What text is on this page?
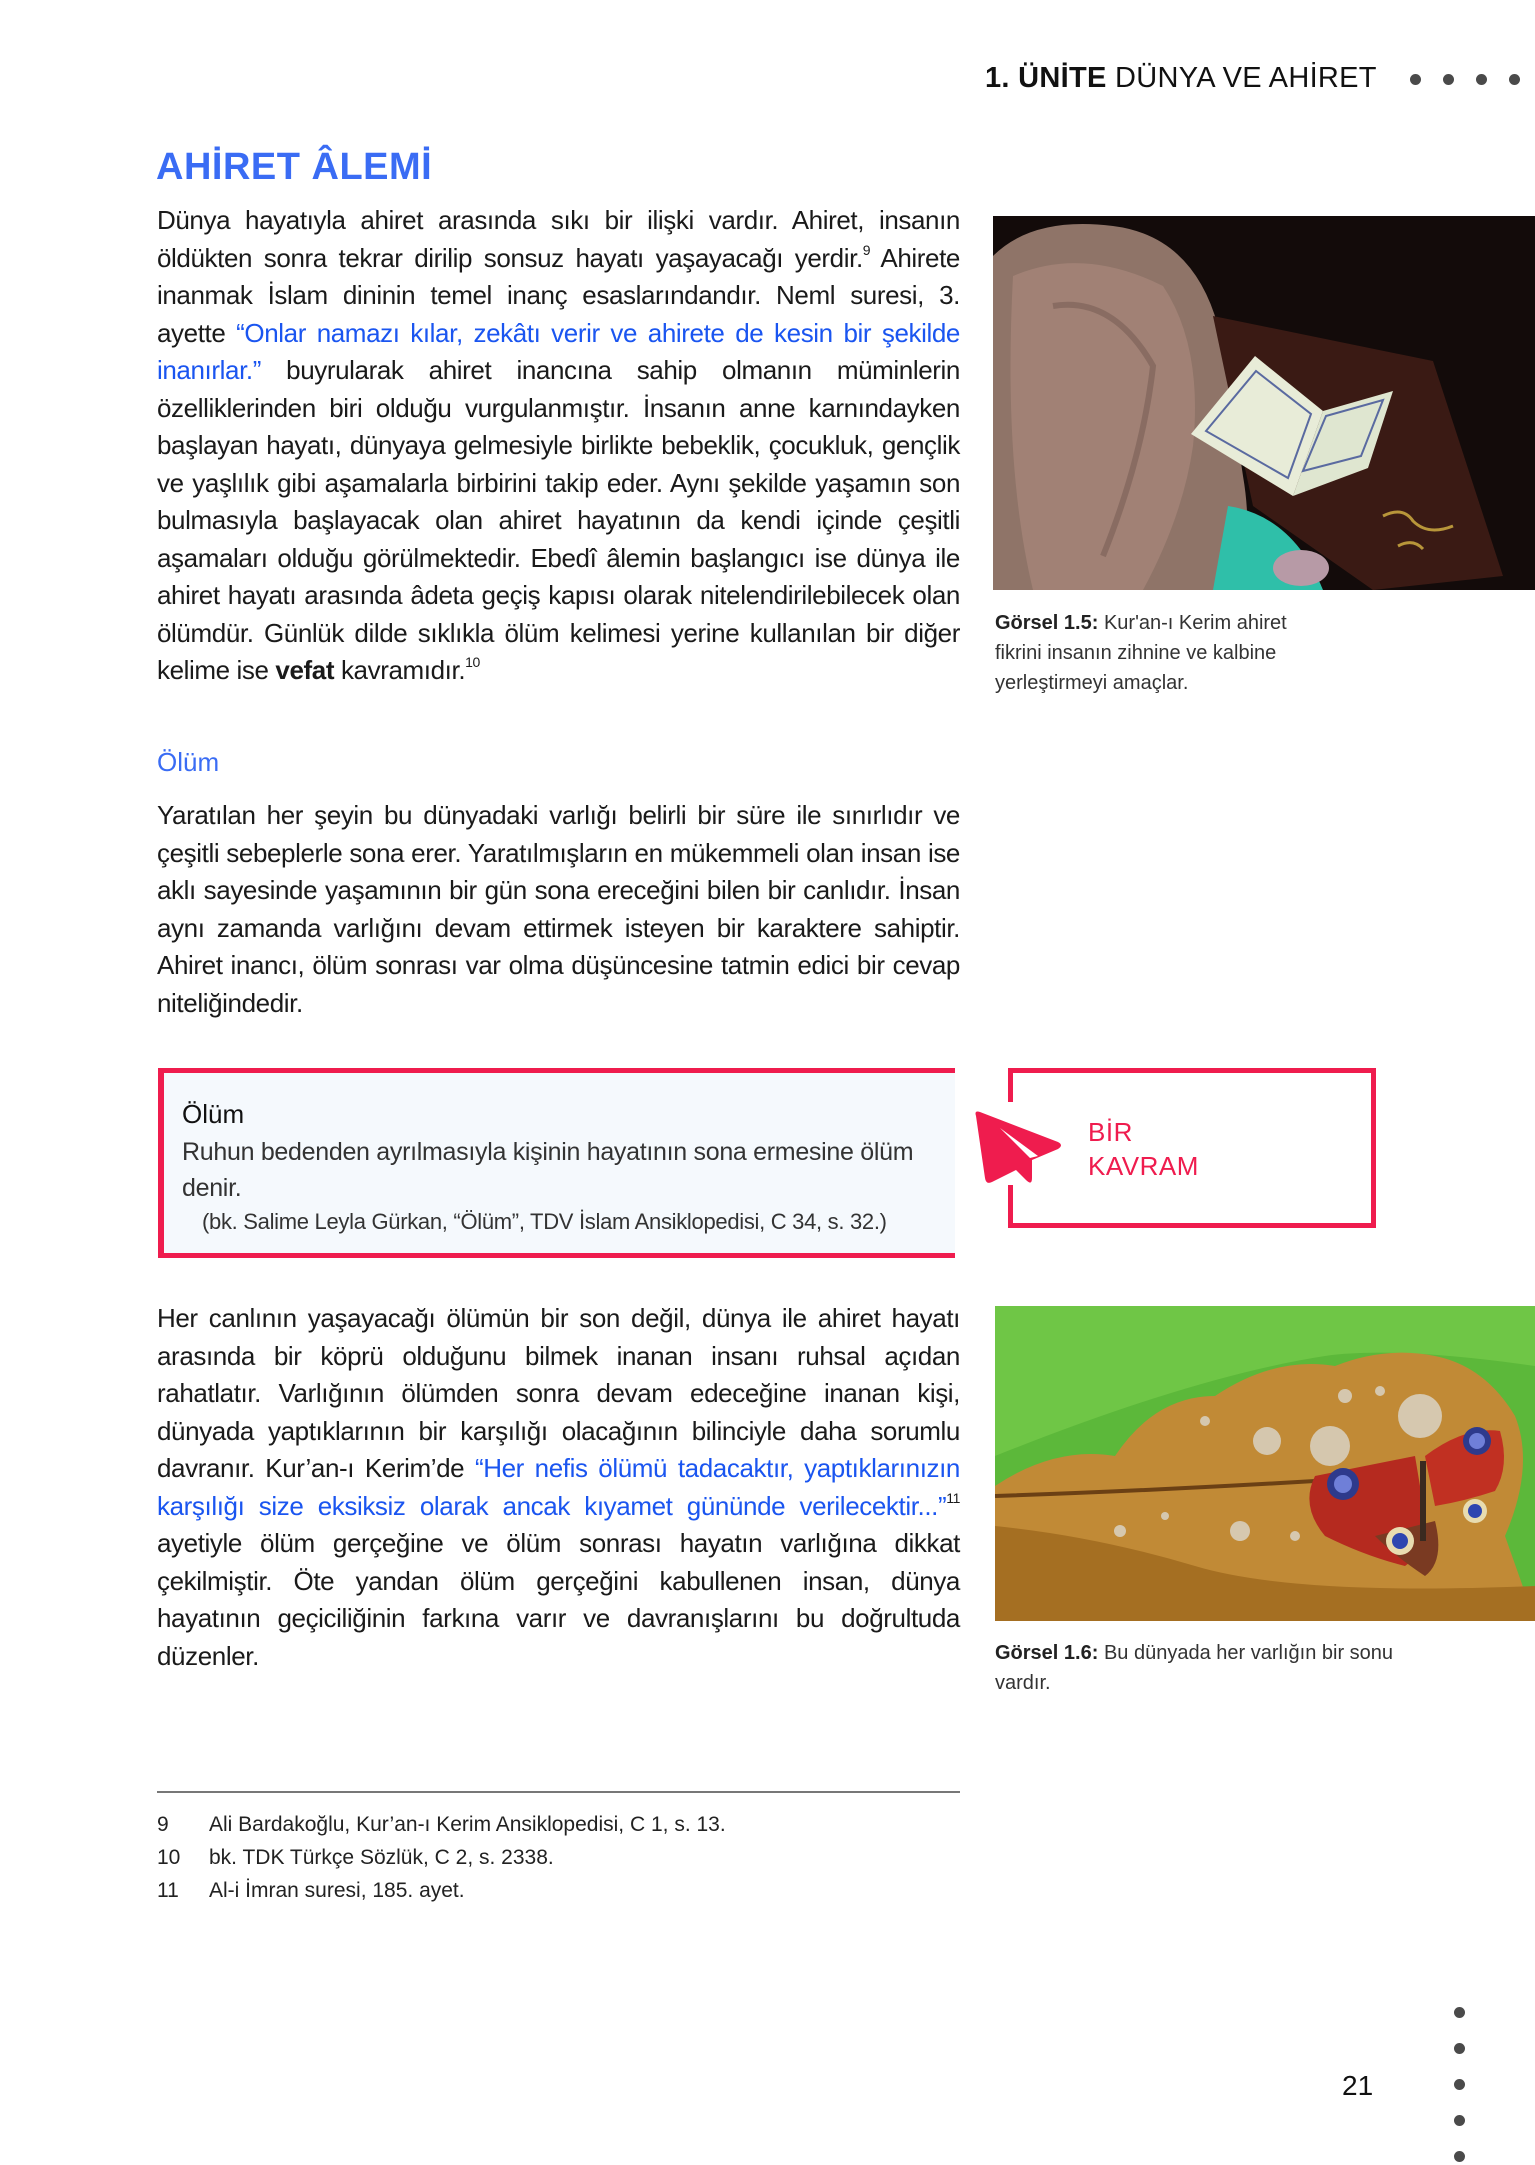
1. ÜNİTE DÜNYA VE AHİRET
AHİRET ÂLEMİ
Dünya hayatıyla ahiret arasında sıkı bir ilişki vardır. Ahiret, insanın öldükten sonra tekrar dirilip sonsuz hayatı yaşayacağı yerdir.$^9$ Ahirete inanmak İslam dininin temel inanç esaslarındandır. Neml suresi, 3. ayette “Onlar namazı kılar, zekâtı verir ve ahirete de kesin bir şekilde inanırlar.” buyrularak ahiret inancına sahip olmanın müminlerin özelliklerinden biri olduğu vurgulanmıştır. İnsanın anne karnındayken başlayan hayatı, dünyaya gelmesiyle birlikte bebeklik, çocukluk, gençlik ve yaşlılık gibi aşamalarla birbirini takip eder. Aynı şekilde yaşamın son bulmasıyla başlayacak olan ahiret hayatının da kendi içinde çeşitli aşamaları olduğu görülmektedir. Ebedî âlemin başlangıcı ise dünya ile ahiret hayatı arasında âdeta geçiş kapısı olarak nitelendirilebilecek olan ölümdür. Günlük dilde sıklıkla ölüm kelimesi yerine kullanılan bir diğer kelime ise vefat kavramıdır.$^{10}$
Ölüm
Yaratılan her şeyin bu dünyadaki varlığı belirli bir süre ile sınırlıdır ve çeşitli sebeplerle sona erer. Yaratılmışların en mükemmeli olan insan ise aklı sayesinde yaşamının bir gün sona ereceğini bilen bir canlıdır. İnsan aynı zamanda varlığını devam ettirmek isteyen bir karaktere sahiptir. Ahiret inancı, ölüm sonrası var olma düşüncesine tatmin edici bir cevap niteliğindedir.
Ölüm
Ruhun bedenden ayrılmasıyla kişinin hayatının sona ermesine ölüm denir.
(bk. Salime Leyla Gürkan, “Ölüm”, TDV İslam Ansiklopedisi, C 34, s. 32.)
BİR
KAVRAM
Her canlının yaşayacağı ölümün bir son değil, dünya ile ahiret hayatı arasında bir köprü olduğunu bilmek inanan insanı ruhsal açıdan rahatlatır. Varlığının ölümden sonra devam edeceğine inanan kişi, dünyada yaptıklarının bir karşılığı olacağının bilinciyle daha sorumlu davranır. Kur’an-ı Kerim’de “Her nefis ölümü tadacaktır, yaptıklarınızın karşılığı size eksiksiz olarak ancak kıyamet gününde verilecektir...”$^{11}$ ayetiyle ölüm gerçeğine ve ölüm sonrası hayatın varlığına dikkat çekilmiştir. Öte yandan ölüm gerçeğini kabullenen insan, dünya hayatının geçiciliğinin farkına varır ve davranışlarını bu doğrultuda düzenler.
Görsel 1.5: Kur'an-ı Kerim ahiret fikrini insanın zihnine ve kalbine yerleştirmeyi amaçlar.
Görsel 1.6: Bu dünyada her varlığın bir sonu vardır.
9	Ali Bardakoğlu, Kur’an-ı Kerim Ansiklopedisi, C 1, s. 13.
10	bk. TDK Türkçe Sözlük, C 2, s. 2338.
11	Al-i İmran suresi, 185. ayet.
21
